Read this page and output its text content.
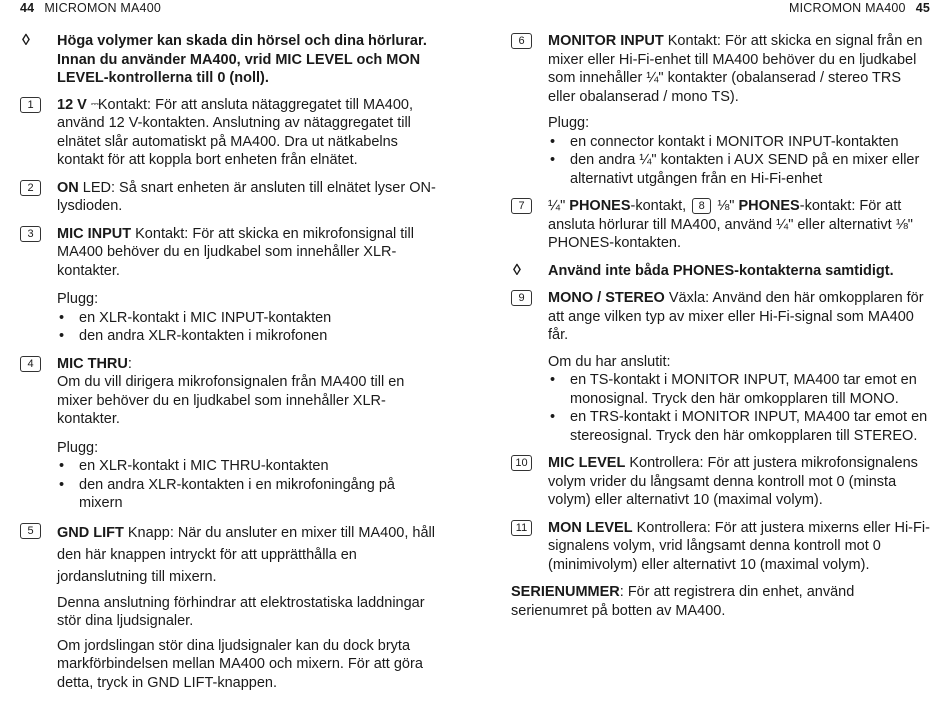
44 MICROMON MA400	MICROMON MA400 45
◊ Höga volymer kan skada din hörsel och dina hörlurar. Innan du använder MA400, vrid MIC LEVEL och MON LEVEL-kontrollerna till 0 (noll).

1	12 V ⎓Kontakt: För att ansluta nätaggregatet till MA400, använd 12 V-kontakten. Anslutning av nätaggregatet till elnätet slår automatiskt på MA400. Dra ut nätkabelns kontakt för att koppla bort enheten från elnätet.

2	ON LED: Så snart enheten är ansluten till elnätet lyser ON-lysdioden.

3	MIC INPUT Kontakt: För att skicka en mikrofonsignal till MA400 behöver du en ljudkabel som innehåller XLR-kontakter.

Plugg:

• en XLR-kontakt i MIC INPUT-kontakten
• den andra XLR-kontakten i mikrofonen
4	MIC THRU:

Om du vill dirigera mikrofonsignalen från MA400 till en mixer behöver du en ljudkabel som innehåller XLR-kontakter.

Plugg:

• en XLR-kontakt i MIC THRU-kontakten
• den andra XLR-kontakten i en mikrofoningång på mixern
5	GND LIFT Knapp: När du ansluter en mixer till MA400, håll den här knappen intryckt för att upprätthålla en jordanslutning till mixern.

Denna anslutning förhindrar att elektrostatiska laddningar stör dina ljudsignaler.

Om jordslingan stör dina ljudsignaler kan du dock bryta markförbindelsen mellan MA400 och mixern. För att göra detta, tryck in GND LIFT-knappen.

6	MONITOR INPUT Kontakt: För att skicka en signal från en mixer eller Hi-Fi-enhet till MA400 behöver du en ljudkabel som innehåller ¼" kontakter (obalanserad / stereo TRS eller obalanserad / mono TS).

Plugg:

• en connector kontakt i MONITOR INPUT-kontakten
• den andra ¼" kontakten i AUX SEND på en mixer eller alternativt utgången från en Hi-Fi-enhet
7	¼" PHONES-kontakt, 8 ⅛" PHONES-kontakt: För att ansluta hörlurar till MA400, använd ¼" eller alternativt ⅛" PHONES-kontakten.

◊ Använd inte båda PHONES-kontakterna samtidigt.

9	MONO / STEREO Växla: Använd den här omkopplaren för att ange vilken typ av mixer eller Hi-Fi-signal som MA400 får.

Om du har anslutit:

• en TS-kontakt i MONITOR INPUT, MA400 tar emot en monosignal. Tryck den här omkopplaren till MONO.
• en TRS-kontakt i MONITOR INPUT, MA400 tar emot en stereosignal. Tryck den här omkopplaren till STEREO.
10	MIC LEVEL Kontrollera: För att justera mikrofonsignalens volym vrider du långsamt denna kontroll mot 0 (minsta volym) eller alternativt 10 (maximal volym).

11	MON LEVEL Kontrollera: För att justera mixerns eller Hi-Fi-signalens volym, vrid långsamt denna kontroll mot 0 (minimivolym) eller alternativt 10 (maximal volym).

SERIENUMMER: För att registrera din enhet, använd serienumret på botten av MA400.
